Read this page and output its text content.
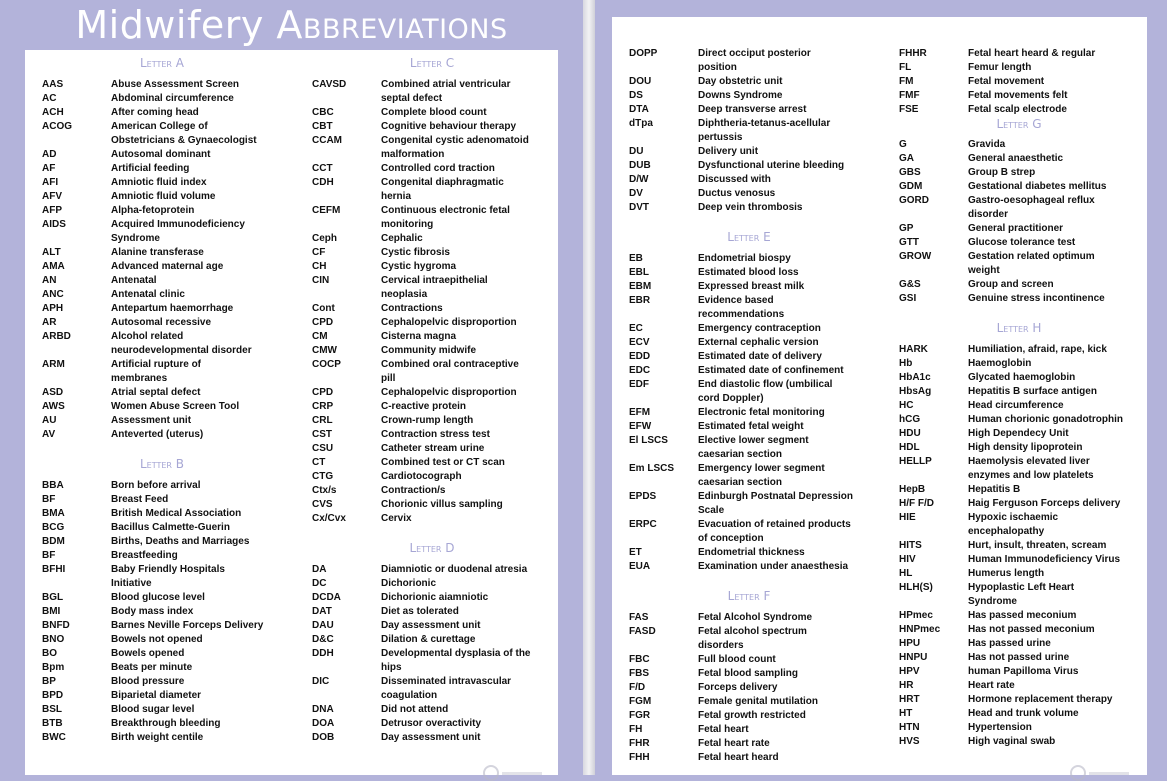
Midwifery Abbreviations
Letter A
AAS	Abuse Assessment Screen
AC	Abdominal circumference
ACH	After coming head
ACOG	American College of
Obstetricians & Gynaecologist
AD	Autosomal dominant
AF	Artificial feeding
AFI	Amniotic fluid index
AFV	Amniotic fluid volume
AFP	Alpha-fetoprotein
AIDS	Acquired Immunodeficiency
Syndrome
ALT	Alanine transferase
AMA	Advanced maternal age
AN	Antenatal
ANC	Antenatal clinic
APH	Antepartum haemorrhage
AR	Autosomal recessive
ARBD	Alcohol related
neurodevelopmental disorder
ARM	Artificial rupture of
membranes
ASD	Atrial septal defect
AWS	Women Abuse Screen Tool
AU	Assessment unit
AV	Anteverted (uterus)
Letter B
BBA	Born before arrival
BF	Breast Feed
BMA	British Medical Association
BCG	Bacillus Calmette-Guerin
BDM	Births, Deaths and Marriages
BF	Breastfeeding
BFHI	Baby Friendly Hospitals
Initiative
BGL	Blood glucose level
BMI	Body mass index
BNFD	Barnes Neville Forceps Delivery
BNO	Bowels not opened
BO	Bowels opened
Bpm	Beats per minute
BP	Blood pressure
BPD	Biparietal diameter
BSL	Blood sugar level
BTB	Breakthrough bleeding
BWC	Birth weight centile
Letter C
CAVSD	Combined atrial ventricular
septal defect
CBC	Complete blood count
CBT	Cognitive behaviour therapy
CCAM	Congenital cystic adenomatoid
malformation
CCT	Controlled cord traction
CDH	Congenital diaphragmatic
hernia
CEFM	Continuous electronic fetal
monitoring
Ceph	Cephalic
CF	Cystic fibrosis
CH	Cystic hygroma
CIN	Cervical intraepithelial
neoplasia
Cont	Contractions
CPD	Cephalopelvic disproportion
CM	Cisterna magna
CMW	Community midwife
COCP	Combined oral contraceptive
pill
CPD	Cephalopelvic disproportion
CRP	C-reactive protein
CRL	Crown-rump length
CST	Contraction stress test
CSU	Catheter stream urine
CT	Combined test or CT scan
CTG	Cardiotocograph
Ctx/s	Contraction/s
CVS	Chorionic villus sampling
Cx/Cvx	Cervix
Letter D
DA	Diamniotic or duodenal atresia
DC	Dichorionic
DCDA	Dichorionic aiamniotic
DAT	Diet as tolerated
DAU	Day assessment unit
D&C	Dilation & curettage
DDH	Developmental dysplasia of the
hips
DIC	Disseminated intravascular
coagulation
DNA	Did not attend
DOA	Detrusor overactivity
DOB	Day assessment unit
DOPP	Direct occiput posterior
position
DOU	Day obstetric unit
DS	Downs Syndrome
DTA	Deep transverse arrest
dTpa	Diphtheria-tetanus-acellular
pertussis
DU	Delivery unit
DUB	Dysfunctional uterine bleeding
D/W	Discussed with
DV	Ductus venosus
DVT	Deep vein thrombosis
Letter E
EB	Endometrial biospy
EBL	Estimated blood loss
EBM	Expressed breast milk
EBR	Evidence based
recommendations
EC	Emergency contraception
ECV	External cephalic version
EDD	Estimated date of delivery
EDC	Estimated date of confinement
EDF	End diastolic flow (umbilical
cord Doppler)
EFM	Electronic fetal monitoring
EFW	Estimated fetal weight
El LSCS	Elective lower segment
caesarian section
Em LSCS Emergency lower segment
caesarian section
EPDS	Edinburgh Postnatal Depression
Scale
ERPC	Evacuation of retained products
of conception
ET	Endometrial thickness
EUA	Examination under anaesthesia
Letter F
FAS	Fetal Alcohol Syndrome
FASD	Fetal alcohol spectrum
disorders
FBC	Full blood count
FBS	Fetal blood sampling
F/D	Forceps delivery
FGM	Female genital mutilation
FGR	Fetal growth restricted
FH	Fetal heart
FHR	Fetal heart rate
FHH	Fetal heart heard
FHHR	Fetal heart heard & regular
FL	Femur length
FM	Fetal movement
FMF	Fetal movements felt
FSE	Fetal scalp electrode
Letter G
G	Gravida
GA	General anaesthetic
GBS	Group B strep
GDM	Gestational diabetes mellitus
GORD	Gastro-oesophageal reflux
disorder
GP	General practitioner
GTT	Glucose tolerance test
GROW	Gestation related optimum
weight
G&S	Group and screen
GSI	Genuine stress incontinence
Letter H
HARK	Humiliation, afraid, rape, kick
Hb	Haemoglobin
HbA1c	Glycated haemoglobin
HbsAg	Hepatitis B surface antigen
HC	Head circumference
hCG	Human chorionic gonadotrophin
HDU	High Dependecy Unit
HDL	High density lipoprotein
HELLP	Haemolysis elevated liver
enzymes and low platelets
HepB	Hepatitis B
H/F F/D	Haig Ferguson Forceps delivery
HIE	Hypoxic ischaemic
encephalopathy
HITS	Hurt, insult, threaten, scream
HIV	Human Immunodeficiency Virus
HL	Humerus length
HLH(S)	Hypoplastic Left Heart
Syndrome
HPmec	Has passed meconium
HNPmec	Has not passed meconium
HPU	Has passed urine
HNPU	Has not passed urine
HPV	human Papilloma Virus
HR	Heart rate
HRT	Hormone replacement therapy
HT	Head and trunk volume
HTN	Hypertension
HVS	High vaginal swab
